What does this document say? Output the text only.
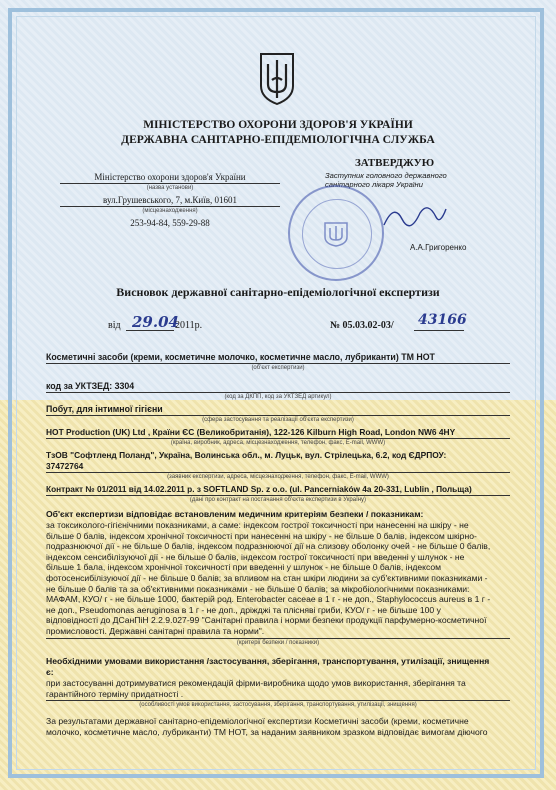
МІНІСТЕРСТВО ОХОРОНИ ЗДОРОВ'Я УКРАЇНИ
ДЕРЖАВНА САНІТАРНО-ЕПІДЕМІОЛОГІЧНА СЛУЖБА
Міністерство охорони здоров'я України
(назва установи)
вул.Грушевського, 7, м.Київ, 01601
(місцезнаходження)
253-94-84, 559-29-88
ЗАТВЕРДЖУЮ
Заступник головного державного
санітарного лікаря України
А.А.Григоренко
Висновок державної санітарно-епідеміологічної експертизи
від 29.04
2011р.	№ 05.03.02-03/ 43166
Косметичні засоби (креми, косметичне молочко, косметичне масло, лубриканти) ТМ HOT
(об'єкт експертизи)
код за УКТЗЕД: 3304
(код за ДКПП, код за УКТЗЕД артикул)
Побут, для інтимної гігієни
(сфера застосування та реалізації об'єкта експертизи)
HOT Production (UK) Ltd , Країни ЄС (Великобританія), 122-126 Kilburn High Road, London NW6 4HY
(країна, виробник, адреса, місцезнаходження, телефон, факс, E-mail, WWW)
ТзОВ "Софтленд Поланд", Україна, Волинська обл., м. Луцьк, вул. Стрілецька, 6.2, код ЄДРПОУ:
37472764
(заявник експертизи, адреса, місцезнаходження, телефон, факс, E-mail, WWW)
Контракт № 01/2011 від 14.02.2011 р. з SOFTLAND Sp. z o.o. (ul. Pancerniaków 4a 20-331, Lublin , Польща)
(дані про контракт на постачання об'єкта експертизи в Україну)
Об'єкт експертизи відповідає встановленим медичним критеріям безпеки / показникам:
за токсиколого-гігієнічними показниками, а саме: індексом гострої токсичності при нанесенні на шкіру - не
більше 0 балів, індексом хронічної токсичності при нанесенні на шкіру - не більше 0 балів, індексом шкірно-
подразнюючої дії - не більше 0 балів, індексом подразнюючої дії на слизову оболонку очей - не більше 0 балів,
індексом сенсибілізуючої дії - не більше 0 балів, індексом гострої токсичності при введенні у шлунок - не
більше 1 бала, індексом хронічної токсичності при введенні у шлунок - не більше 0 балів, індексом
фотосенсибілізуючої дії - не більше 0 балів; за впливом на стан шкіри людини за суб'єктивними показниками -
не більше 0 балів та за об'єктивними показниками - не більше 0 балів; за мікробіологічними показниками:
МАФАМ, КУО/ г - не більше 1000, бактерій род. Enterobacter caceae в 1 г - не доп., Staphylococcus aureus в 1 г -
не доп., Pseudomonas aeruginosa в 1 г - не доп., дріжджі та плісняві гриби, КУО/ г - не більше 100 у
відповідності до ДСанПіН 2.2.9.027-99 "Санітарні правила і норми безпеки продукції парфумерно-косметичної
промисловості. Державні санітарні правила та норми".
(критерії безпеки / показники)
Необхідними умовами використання /застосування, зберігання, транспортування, утилізації, знищення
є:
при застосуванні дотримуватися рекомендацій фірми-виробника щодо умов використання, зберігання та
гарантійного терміну придатності .
(особливості умов використання, застосування, зберігання, транспортування, утилізації, знищення)
За результатами державної санітарно-епідеміологічної експертизи Косметичні засоби (креми, косметичне
молочко, косметичне масло, лубриканти) ТМ HOT, за наданим заявником зразком відповідає вимогам діючого
